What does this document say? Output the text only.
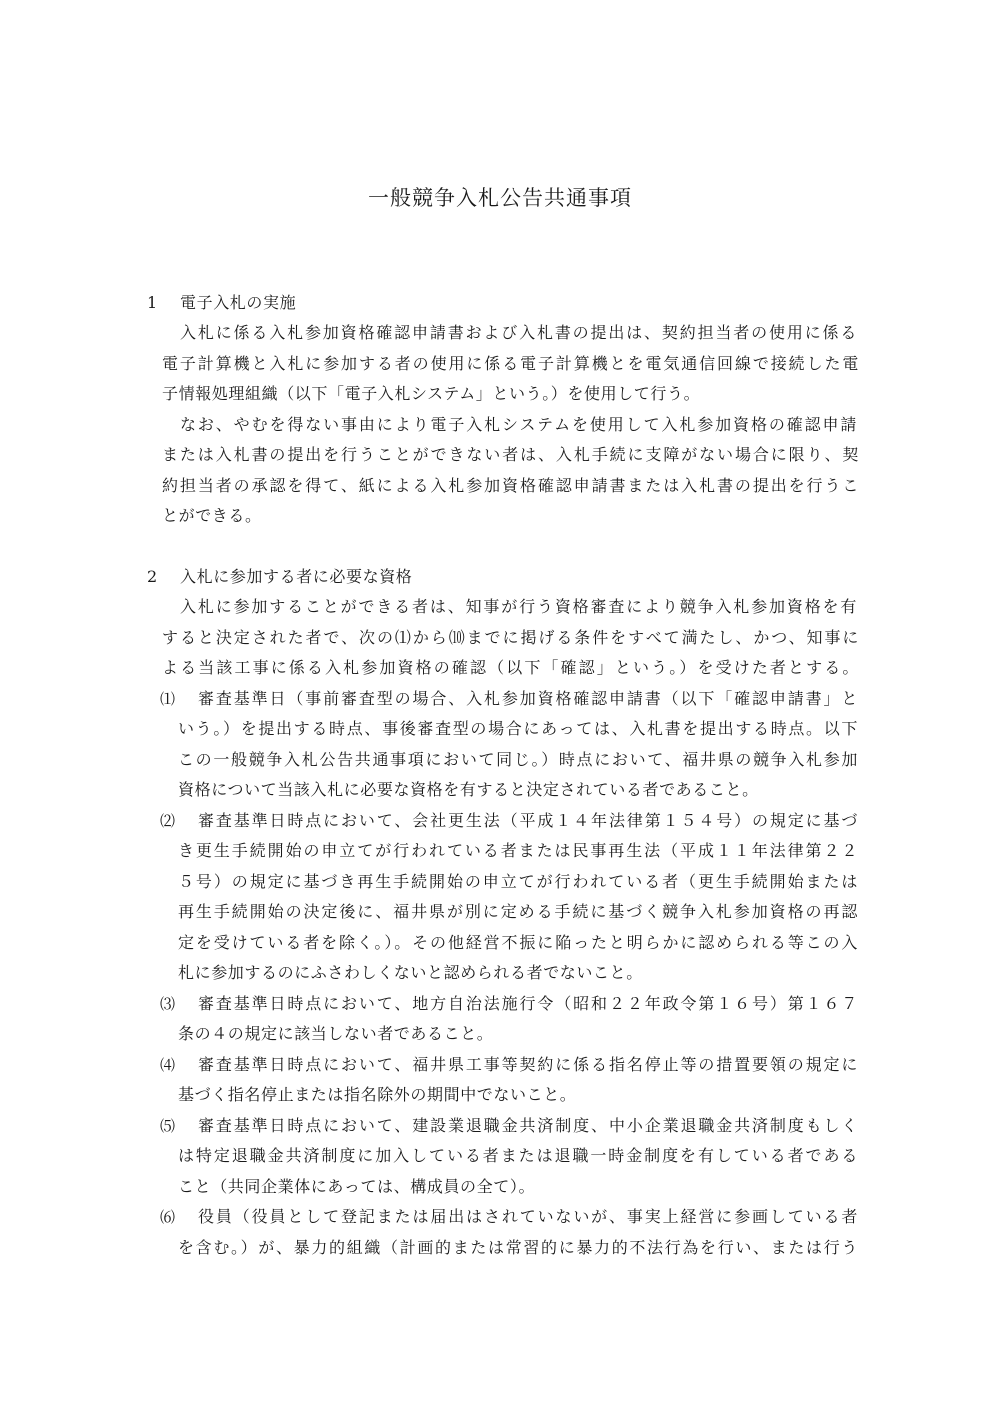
一般競争入札公告共通事項
1 電子入札の実施
入札に係る入札参加資格確認申請書および入札書の提出は、契約担当者の使用に係る
電子計算機と入札に参加する者の使用に係る電子計算機とを電気通信回線で接続した電
子情報処理組織（以下「電子入札システム」という。）を使用して行う。
なお、やむを得ない事由により電子入札システムを使用して入札参加資格の確認申請
または入札書の提出を行うことができない者は、入札手続に支障がない場合に限り、契
約担当者の承認を得て、紙による入札参加資格確認申請書または入札書の提出を行うこ
とができる。
2 入札に参加する者に必要な資格
入札に参加することができる者は、知事が行う資格審査により競争入札参加資格を有
すると決定された者で、次の⑴から⑽までに掲げる条件をすべて満たし、かつ、知事に
よる当該工事に係る入札参加資格の確認（以下「確認」という。）を受けた者とする。
⑴ 審査基準日（事前審査型の場合、入札参加資格確認申請書（以下「確認申請書」と
いう。）を提出する時点、事後審査型の場合にあっては、入札書を提出する時点。以下
この一般競争入札公告共通事項において同じ。）時点において、福井県の競争入札参加
資格について当該入札に必要な資格を有すると決定されている者であること。
⑵ 審査基準日時点において、会社更生法（平成１４年法律第１５４号）の規定に基づ
き更生手続開始の申立てが行われている者または民事再生法（平成１１年法律第２２
５号）の規定に基づき再生手続開始の申立てが行われている者（更生手続開始または
再生手続開始の決定後に、福井県が別に定める手続に基づく競争入札参加資格の再認
定を受けている者を除く。）。その他経営不振に陥ったと明らかに認められる等この入
札に参加するのにふさわしくないと認められる者でないこと。
⑶ 審査基準日時点において、地方自治法施行令（昭和２２年政令第１６号）第１６７
条の４の規定に該当しない者であること。
⑷ 審査基準日時点において、福井県工事等契約に係る指名停止等の措置要領の規定に
基づく指名停止または指名除外の期間中でないこと。
⑸ 審査基準日時点において、建設業退職金共済制度、中小企業退職金共済制度もしく
は特定退職金共済制度に加入している者または退職一時金制度を有している者である
こと（共同企業体にあっては、構成員の全て）。
⑹ 役員（役員として登記または届出はされていないが、事実上経営に参画している者
を含む。）が、暴力的組織（計画的または常習的に暴力的不法行為を行い、または行う
